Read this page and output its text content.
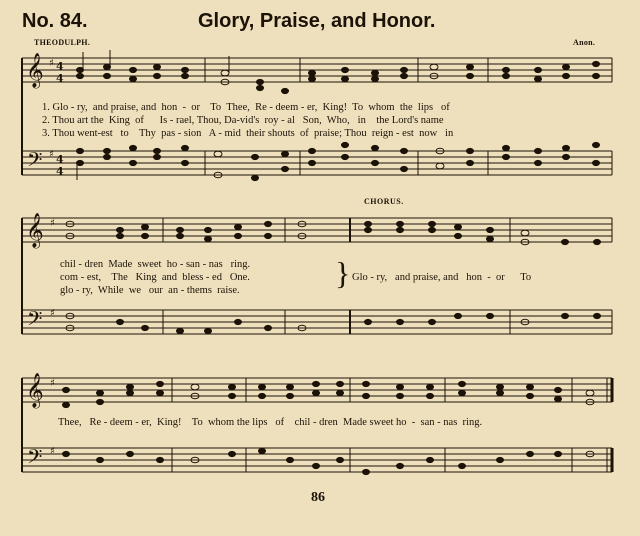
No. 84.	Glory, Praise, and Honor.
THEODULPH.	Anon.
𝄞
𝄢
♯
♯
4
4
4
4
𝄞
𝄢
♯
♯
𝄞
𝄢
♯
♯
1. Glo - ry,  and praise, and  hon  -  or    To  Thee,  Re - deem - er,  King!  To  whom  the  lips   of
2. Thou art the  King  of      Is - rael, Thou, Da-vid's  roy - al   Son,  Who,   in    the Lord's name
3. Thou went-est   to    Thy  pas - sion   A - mid  their shouts  of  praise; Thou  reign - est  now   in
CHORUS.
chil - dren  Made  sweet  ho - san - nas   ring.
com - est,    The   King  and  bless - ed   One.
glo - ry,  While  we   our  an - thems  raise.	} Glo - ry,   and praise, and   hon  -  or      To
Thee,   Re - deem - er,  King!    To  whom the lips   of    chil - dren  Made sweet ho  -  san - nas  ring.
86
